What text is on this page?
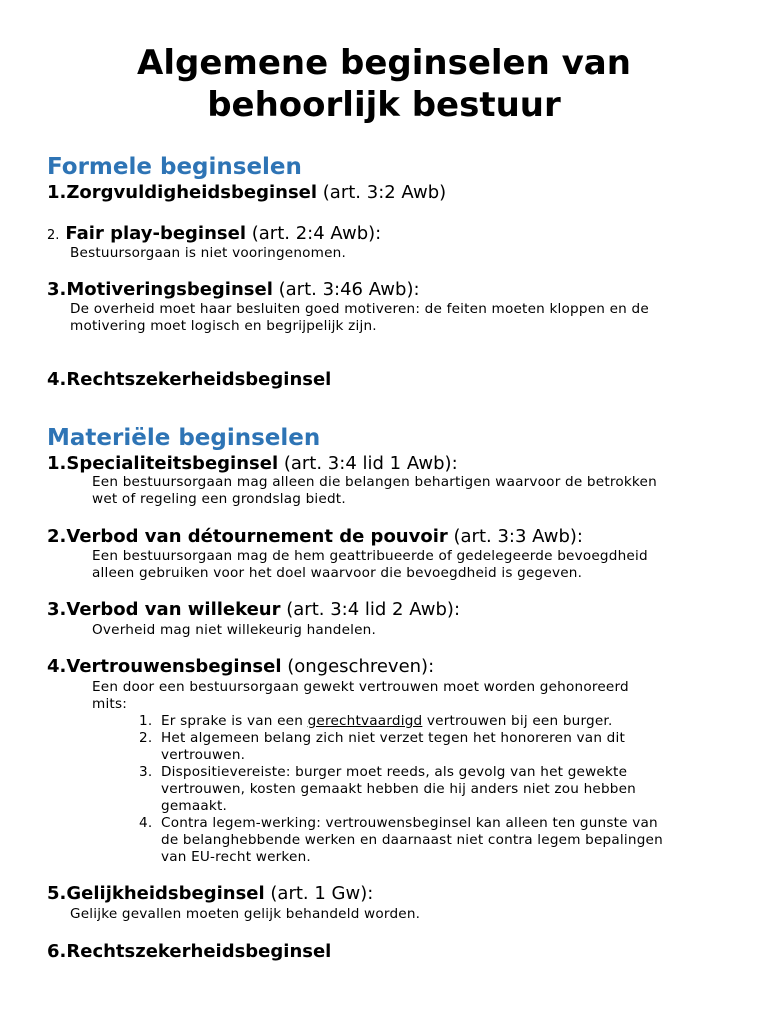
Algemene beginselen van
behoorlijk bestuur
Formele beginselen
1.Zorgvuldigheidsbeginsel (art. 3:2 Awb)
2. Fair play-beginsel (art. 2:4 Awb):
Bestuursorgaan is niet vooringenomen.
3.Motiveringsbeginsel (art. 3:46 Awb):
De overheid moet haar besluiten goed motiveren: de feiten moeten kloppen en de
motivering moet logisch en begrijpelijk zijn.
4.Rechtszekerheidsbeginsel
Materiële beginselen
1.Specialiteitsbeginsel (art. 3:4 lid 1 Awb):
Een bestuursorgaan mag alleen die belangen behartigen waarvoor de betrokken
wet of regeling een grondslag biedt.
2.Verbod van détournement de pouvoir (art. 3:3 Awb):
Een bestuursorgaan mag de hem geattribueerde of gedelegeerde bevoegdheid
alleen gebruiken voor het doel waarvoor die bevoegdheid is gegeven.
3.Verbod van willekeur (art. 3:4 lid 2 Awb):
Overheid mag niet willekeurig handelen.
4.Vertrouwensbeginsel (ongeschreven):
Een door een bestuursorgaan gewekt vertrouwen moet worden gehonoreerd
mits:
1. Er sprake is van een gerechtvaardigd vertrouwen bij een burger.
2. Het algemeen belang zich niet verzet tegen het honoreren van dit
vertrouwen.
3. Dispositievereiste: burger moet reeds, als gevolg van het gewekte
vertrouwen, kosten gemaakt hebben die hij anders niet zou hebben
gemaakt.
4. Contra legem-werking: vertrouwensbeginsel kan alleen ten gunste van
de belanghebbende werken en daarnaast niet contra legem bepalingen
van EU-recht werken.
5.Gelijkheidsbeginsel (art. 1 Gw):
Gelijke gevallen moeten gelijk behandeld worden.
6.Rechtszekerheidsbeginsel
